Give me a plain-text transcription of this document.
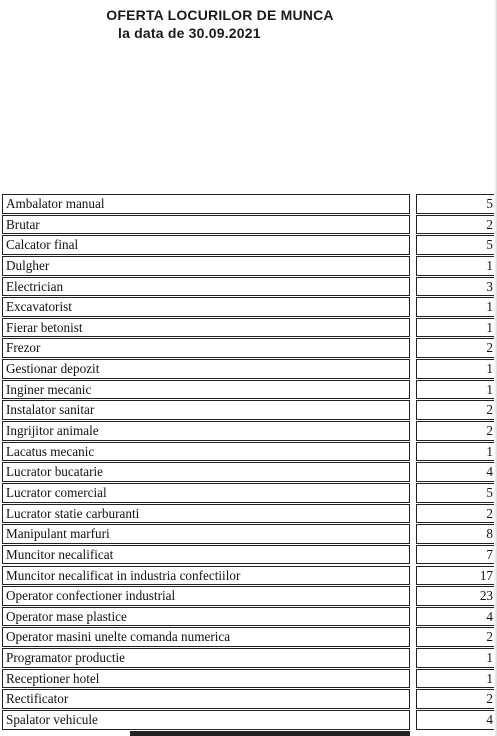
OFERTA LOCURILOR DE MUNCA
la data de 30.09.2021
Ambalator manual	5
Brutar	2
Calcator final	5
Dulgher	1
Electrician	3
Excavatorist	1
Fierar betonist	1
Frezor	2
Gestionar depozit	1
Inginer mecanic	1
Instalator sanitar	2
Ingrijitor animale	2
Lacatus mecanic	1
Lucrator bucatarie	4
Lucrator comercial	5
Lucrator statie carburanti	2
Manipulant marfuri	8
Muncitor necalificat	7
Muncitor necalificat in industria confectiilor	17
Operator confectioner industrial	23
Operator mase plastice	4
Operator masini unelte comanda numerica	2
Programator productie	1
Receptioner hotel	1
Rectificator	2
Spalator vehicule	4
